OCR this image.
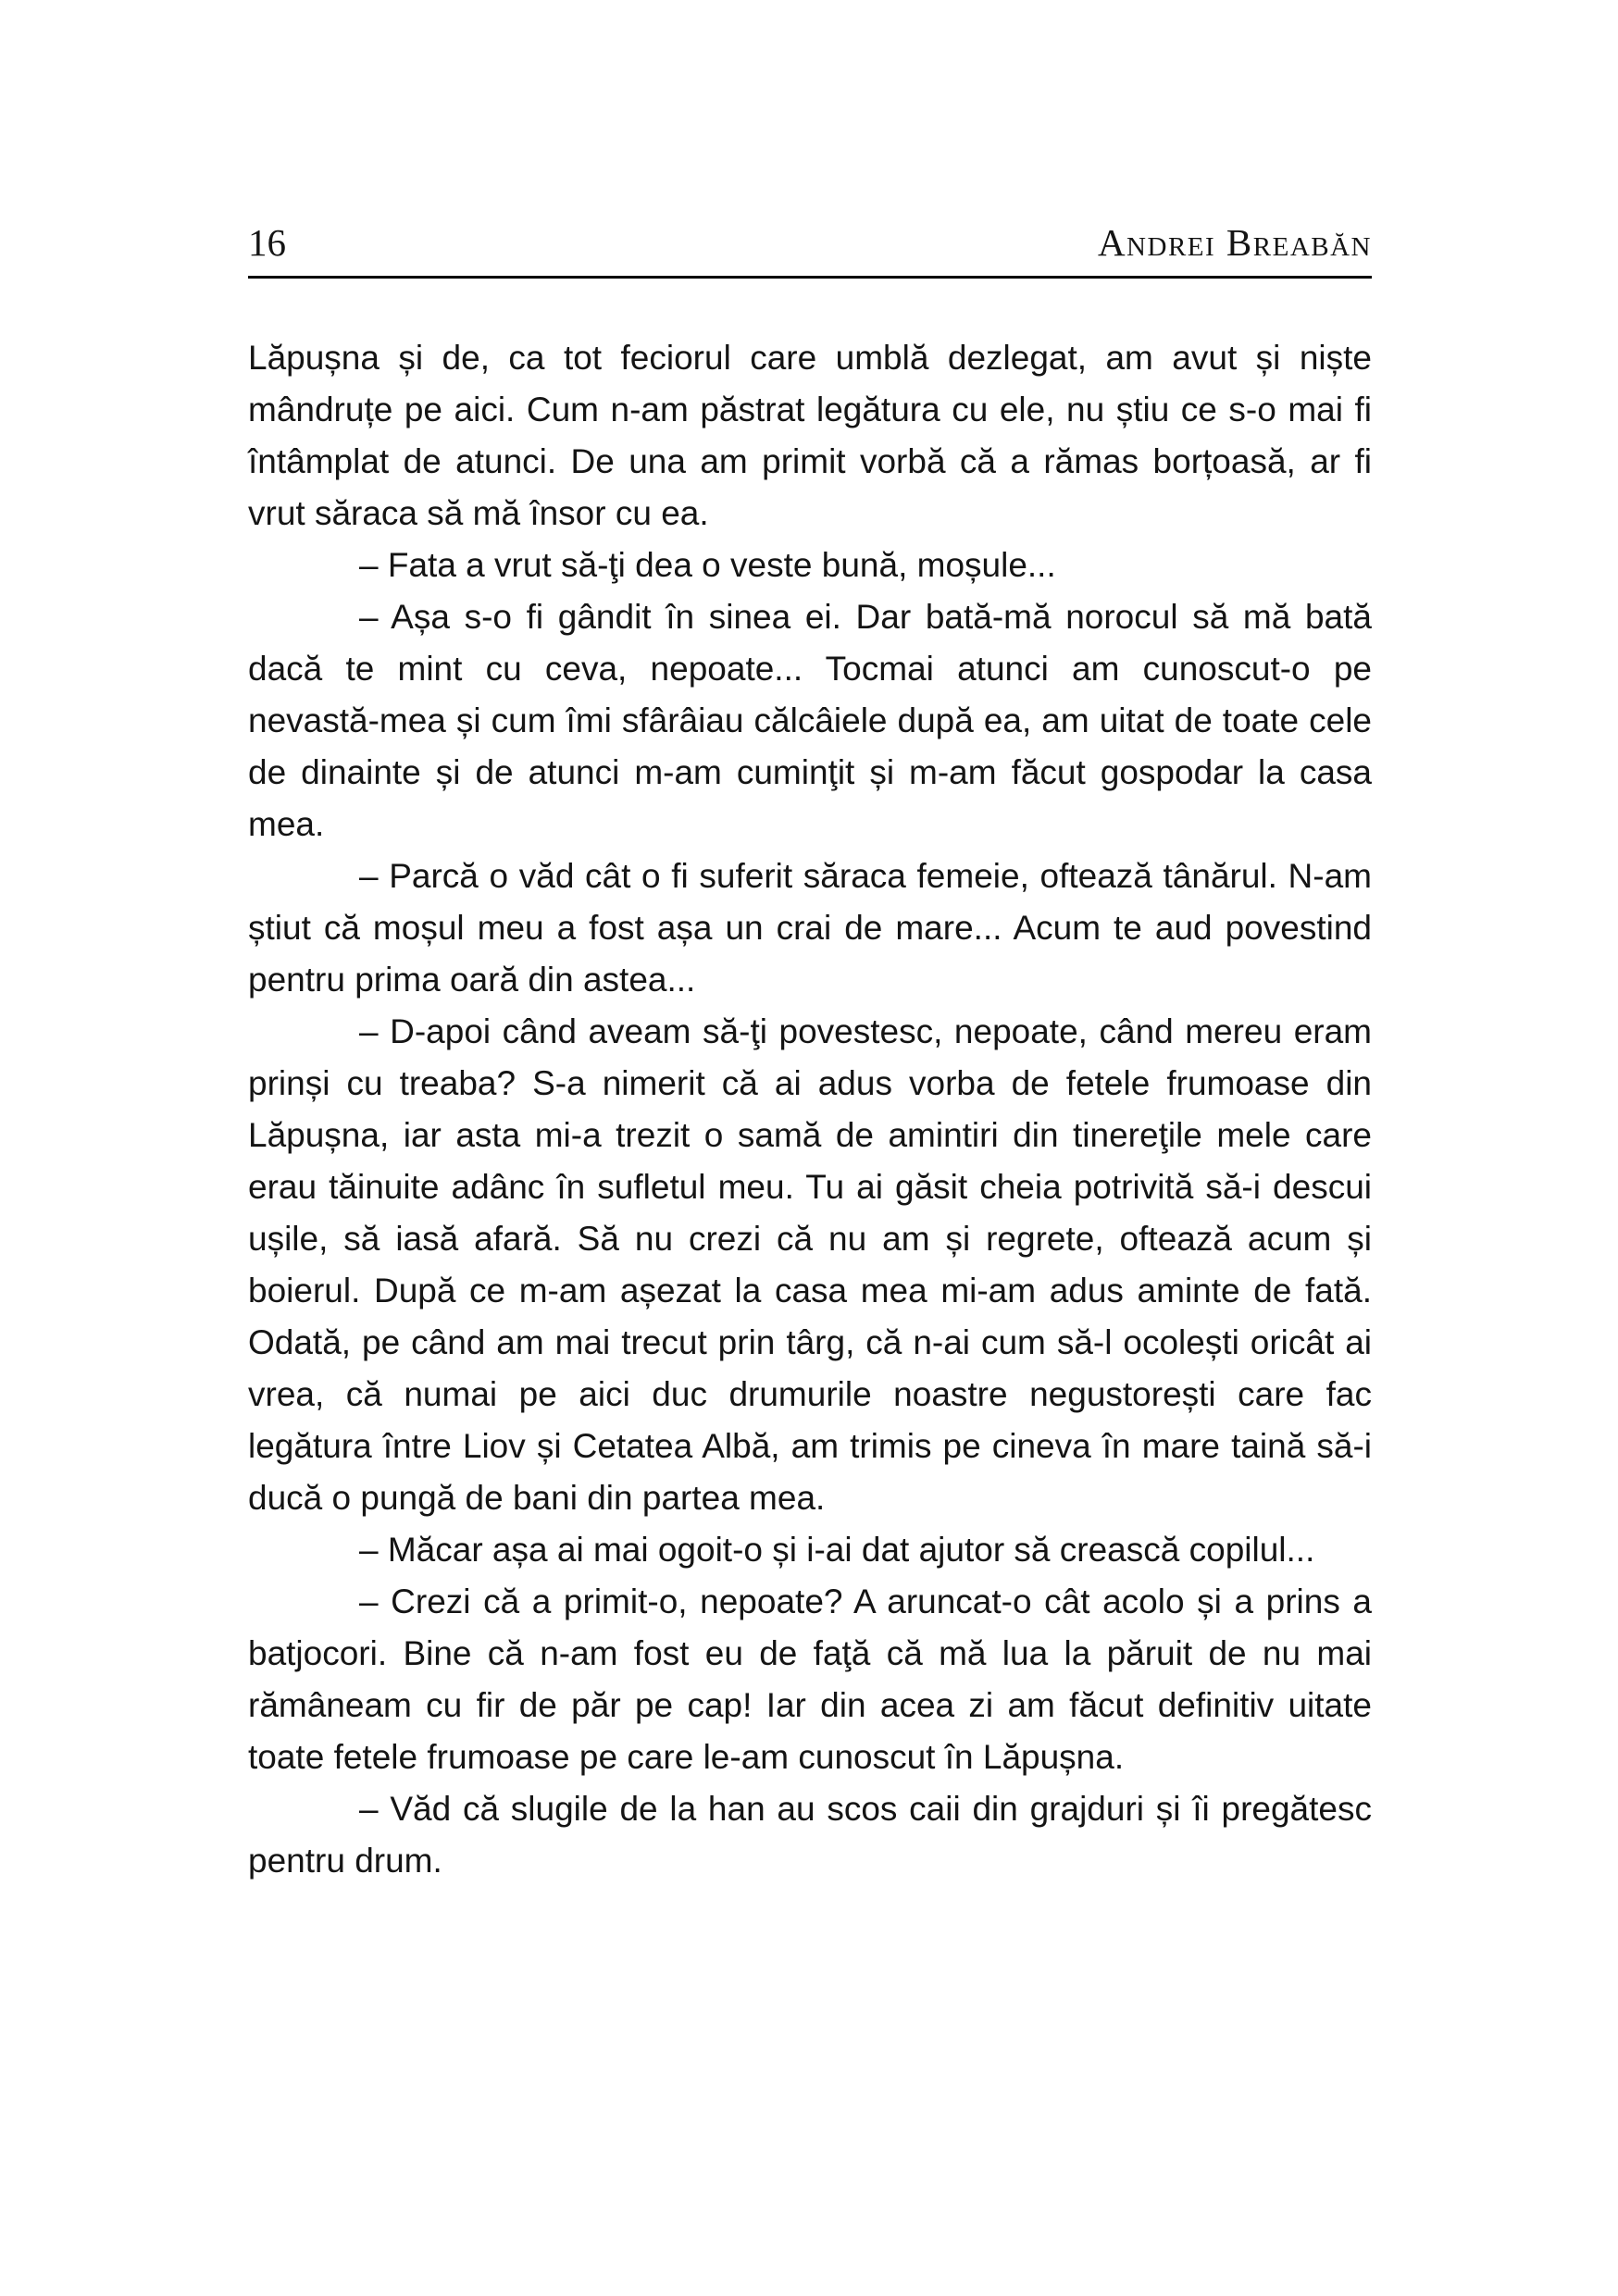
16	Andrei Breabăn

Lăpușna și de, ca tot feciorul care umblă dezlegat, am avut și niște mândruțe pe aici. Cum n-am păstrat legătura cu ele, nu știu ce s-o mai fi întâmplat de atunci. De una am primit vorbă că a rămas borțoasă, ar fi vrut săraca să mă însor cu ea.

– Fata a vrut să-ţi dea o veste bună, moșule...

– Așa s-o fi gândit în sinea ei. Dar bată-mă norocul să mă bată dacă te mint cu ceva, nepoate... Tocmai atunci am cunoscut-o pe nevastă-mea și cum îmi sfârâiau călcâiele după ea, am uitat de toate cele de dinainte și de atunci m-am cuminţit și m-am făcut gospodar la casa mea.

– Parcă o văd cât o fi suferit săraca femeie, oftează tânărul. N-am știut că moșul meu a fost așa un crai de mare... Acum te aud povestind pentru prima oară din astea...

– D-apoi când aveam să-ţi povestesc, nepoate, când mereu eram prinși cu treaba? S-a nimerit că ai adus vorba de fetele frumoase din Lăpușna, iar asta mi-a trezit o samă de amintiri din tinereţile mele care erau tăinuite adânc în sufletul meu. Tu ai găsit cheia potrivită să-i descui ușile, să iasă afară. Să nu crezi că nu am și regrete, oftează acum și boierul. După ce m-am așezat la casa mea mi-am adus aminte de fată. Odată, pe când am mai trecut prin târg, că n-ai cum să-l ocolești oricât ai vrea, că numai pe aici duc drumurile noastre negustorești care fac legătura între Liov și Cetatea Albă, am trimis pe cineva în mare taină să-i ducă o pungă de bani din partea mea.

– Măcar așa ai mai ogoit-o și i-ai dat ajutor să crească copilul...

– Crezi că a primit-o, nepoate? A aruncat-o cât acolo și a prins a batjocori. Bine că n-am fost eu de faţă că mă lua la păruit de nu mai rămâneam cu fir de păr pe cap! Iar din acea zi am făcut definitiv uitate toate fetele frumoase pe care le-am cunoscut în Lăpușna.

– Văd că slugile de la han au scos caii din grajduri și îi pregătesc pentru drum.
